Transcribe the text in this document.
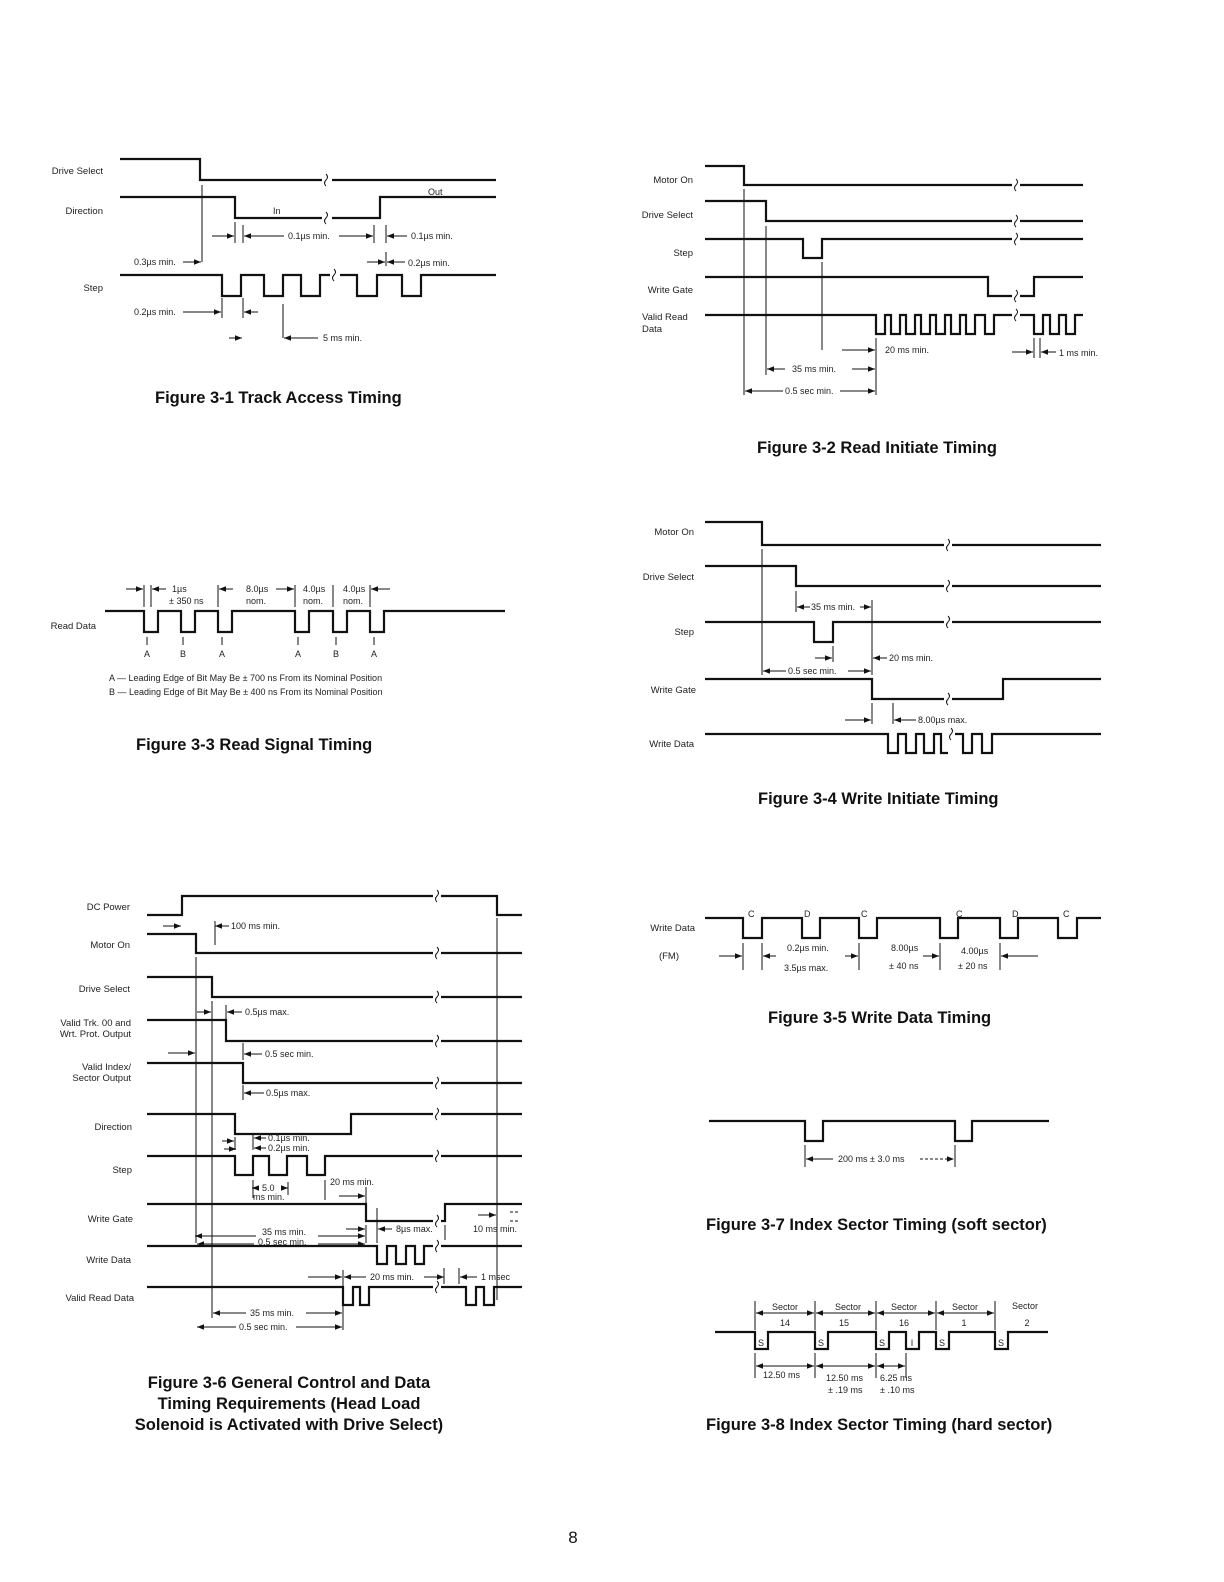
Drive Select
Direction
Step
In
Out
0.1µs min.	0.1µs min.
0.3µs min.	0.2µs min.
0.2µs min.
5 ms min.
Figure 3-1 Track Access Timing
Motor On
Drive Select
Step
Write Gate
Valid Read
Data
20 ms min.
35 ms min.
0.5 sec min.
1 ms min.
Figure 3-2 Read Initiate Timing
Read Data
1µs
± 350 ns
8.0µs
nom.
4.0µs
nom.
4.0µs
nom.
A	B	A	A	B	A
A — Leading Edge of Bit May Be ± 700 ns From its Nominal Position
B — Leading Edge of Bit May Be ± 400 ns From its Nominal Position
Figure 3-3 Read Signal Timing
Motor On
Drive Select
Step
Write Gate
Write Data
35 ms min.
20 ms min.
0.5 sec min.
8.00µs max.
Figure 3-4 Write Initiate Timing
Write Data
(FM)
C	D	C	C	D	C
0.2µs min.
3.5µs max.
8.00µs
± 40 ns
4.00µs
± 20 ns
Figure 3-5 Write Data Timing
DC Power
Motor On
Drive Select
Valid Trk. 00 and
Wrt. Prot. Output
Valid Index/
Sector Output
Direction
Step
Write Gate
Write Data
Valid Read Data
100 ms min.
0.5µs max.
0.5 sec min.
0.5µs max.
0.1µs min.
0.2µs min.
5.0
ms min.
20 ms min.
35 ms min.
0.5 sec min.
8µs max.	10 ms min.
20 ms min.	1 msec
35 ms min.
0.5 sec min.
Figure 3-6 General Control and Data
Timing Requirements (Head Load
Solenoid is Activated with Drive Select)
200 ms ± 3.0 ms
Figure 3-7 Index Sector Timing (soft sector)
Sector	Sector	Sector	Sector	Sector
14	15	16	1	2
S	S	S	I	S	S
12.50 ms	12.50 ms
± .19 ms
6.25 ms
± .10 ms
Figure 3-8 Index Sector Timing (hard sector)
8
